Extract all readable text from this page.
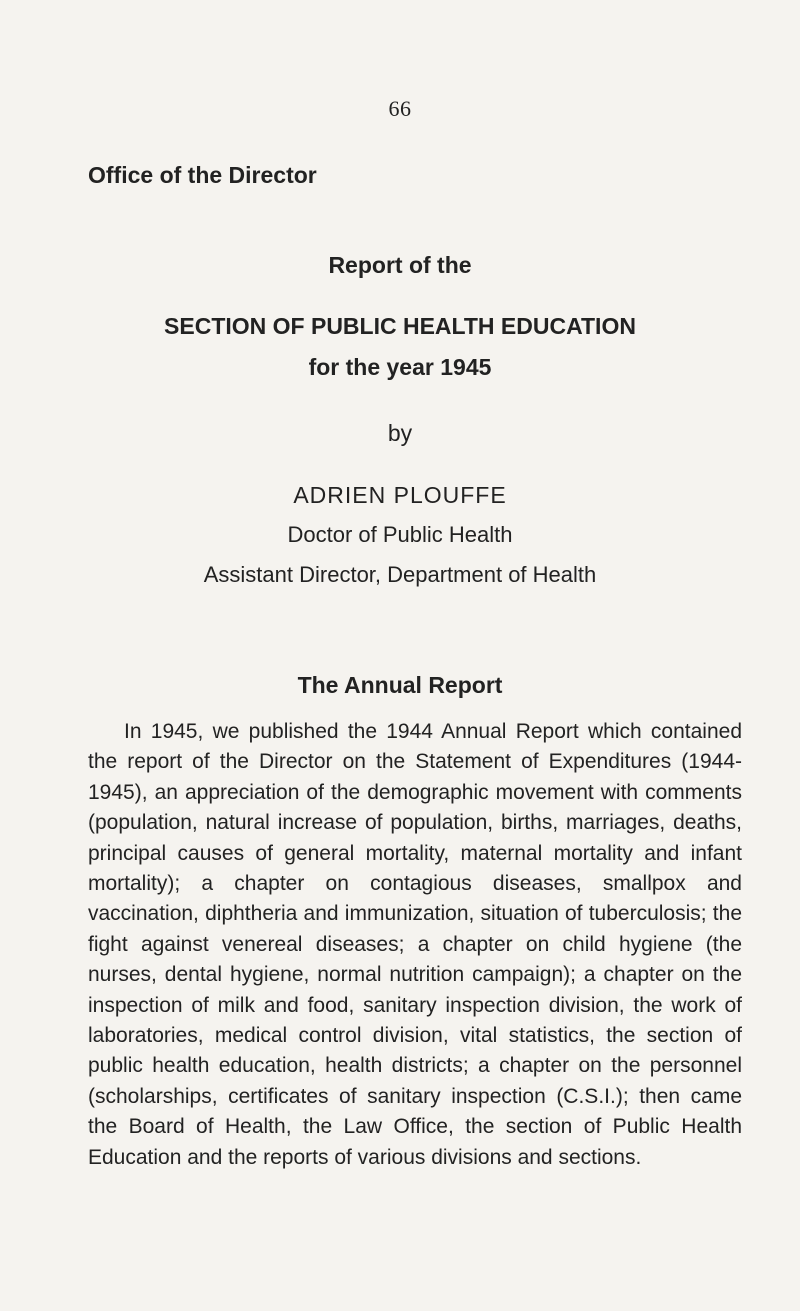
66
Office of the Director
Report of the
SECTION OF PUBLIC HEALTH EDUCATION
for the year 1945
by
ADRIEN PLOUFFE
Doctor of Public Health
Assistant Director, Department of Health
The Annual Report

In 1945, we published the 1944 Annual Report which contained the report of the Director on the Statement of Expenditures (1944-1945), an appreciation of the demographic movement with comments (population, natural increase of population, births, marriages, deaths, principal causes of general mortality, maternal mortality and infant mortality); a chapter on contagious diseases, smallpox and vaccination, diphtheria and immunization, situation of tuberculosis; the fight against venereal diseases; a chapter on child hygiene (the nurses, dental hygiene, normal nutrition campaign); a chapter on the inspection of milk and food, sanitary inspection division, the work of laboratories, medical control division, vital statistics, the section of public health education, health districts; a chapter on the personnel (scholarships, certificates of sanitary inspection (C.S.I.); then came the Board of Health, the Law Office, the section of Public Health Education and the reports of various divisions and sections.
